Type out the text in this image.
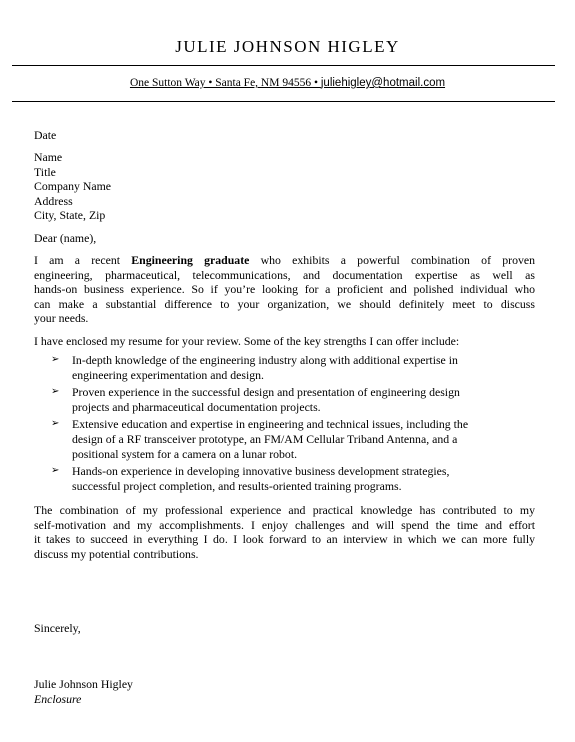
JULIE JOHNSON HIGLEY
One Sutton Way • Santa Fe, NM 94556 • juliehigley@hotmail.com
Date
Name
Title
Company Name
Address
City, State, Zip
Dear (name),
I am a recent Engineering graduate who exhibits a powerful combination of proven
engineering, pharmaceutical, telecommunications, and documentation expertise as well as
hands-on business experience. So if you’re looking for a proficient and polished individual who
can make a substantial difference to your organization, we should definitely meet to discuss
your needs.
I have enclosed my resume for your review. Some of the key strengths I can offer include:
➢ In-depth knowledge of the engineering industry along with additional expertise in
engineering experimentation and design.
➢ Proven experience in the successful design and presentation of engineering design
projects and pharmaceutical documentation projects.
➢ Extensive education and expertise in engineering and technical issues, including the
design of a RF transceiver prototype, an FM/AM Cellular Triband Antenna, and a
positional system for a camera on a lunar robot.
➢ Hands-on experience in developing innovative business development strategies,
successful project completion, and results-oriented training programs.
The combination of my professional experience and practical knowledge has contributed to my
self-motivation and my accomplishments. I enjoy challenges and will spend the time and effort
it takes to succeed in everything I do. I look forward to an interview in which we can more fully
discuss my potential contributions.
Sincerely,
Julie Johnson Higley
Enclosure
